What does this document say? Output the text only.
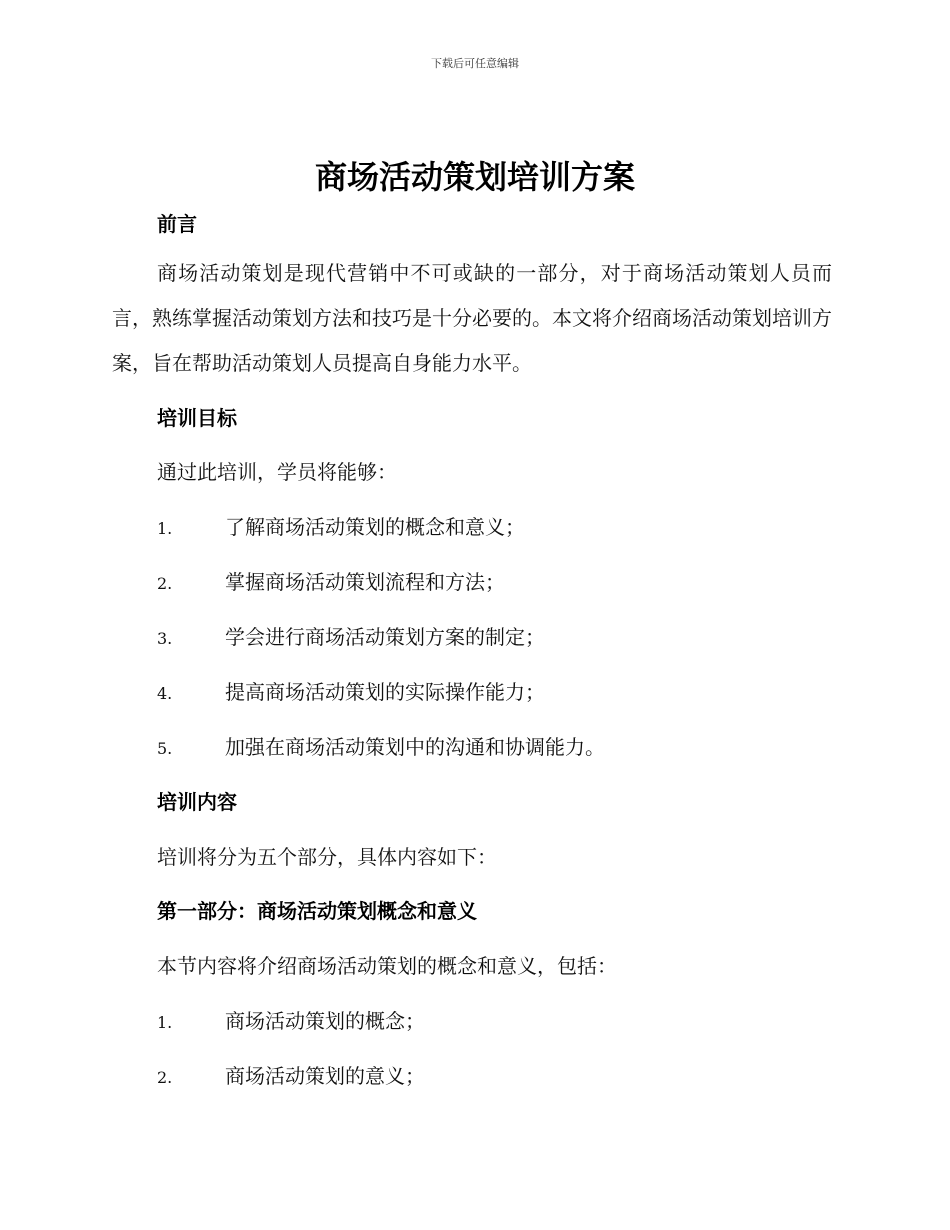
下载后可任意编辑
商场活动策划培训方案
前言

商场活动策划是现代营销中不可或缺的一部分，对于商场活动策划人员而言，熟练掌握活动策划方法和技巧是十分必要的。本文将介绍商场活动策划培训方案，旨在帮助活动策划人员提高自身能力水平。

培训目标

通过此培训，学员将能够：

1.	了解商场活动策划的概念和意义；
2.	掌握商场活动策划流程和方法；
3.	学会进行商场活动策划方案的制定；
4.	提高商场活动策划的实际操作能力；
5.	加强在商场活动策划中的沟通和协调能力。
培训内容

培训将分为五个部分，具体内容如下：

第一部分：商场活动策划概念和意义

本节内容将介绍商场活动策划的概念和意义，包括：

1.	商场活动策划的概念；
2.	商场活动策划的意义；
